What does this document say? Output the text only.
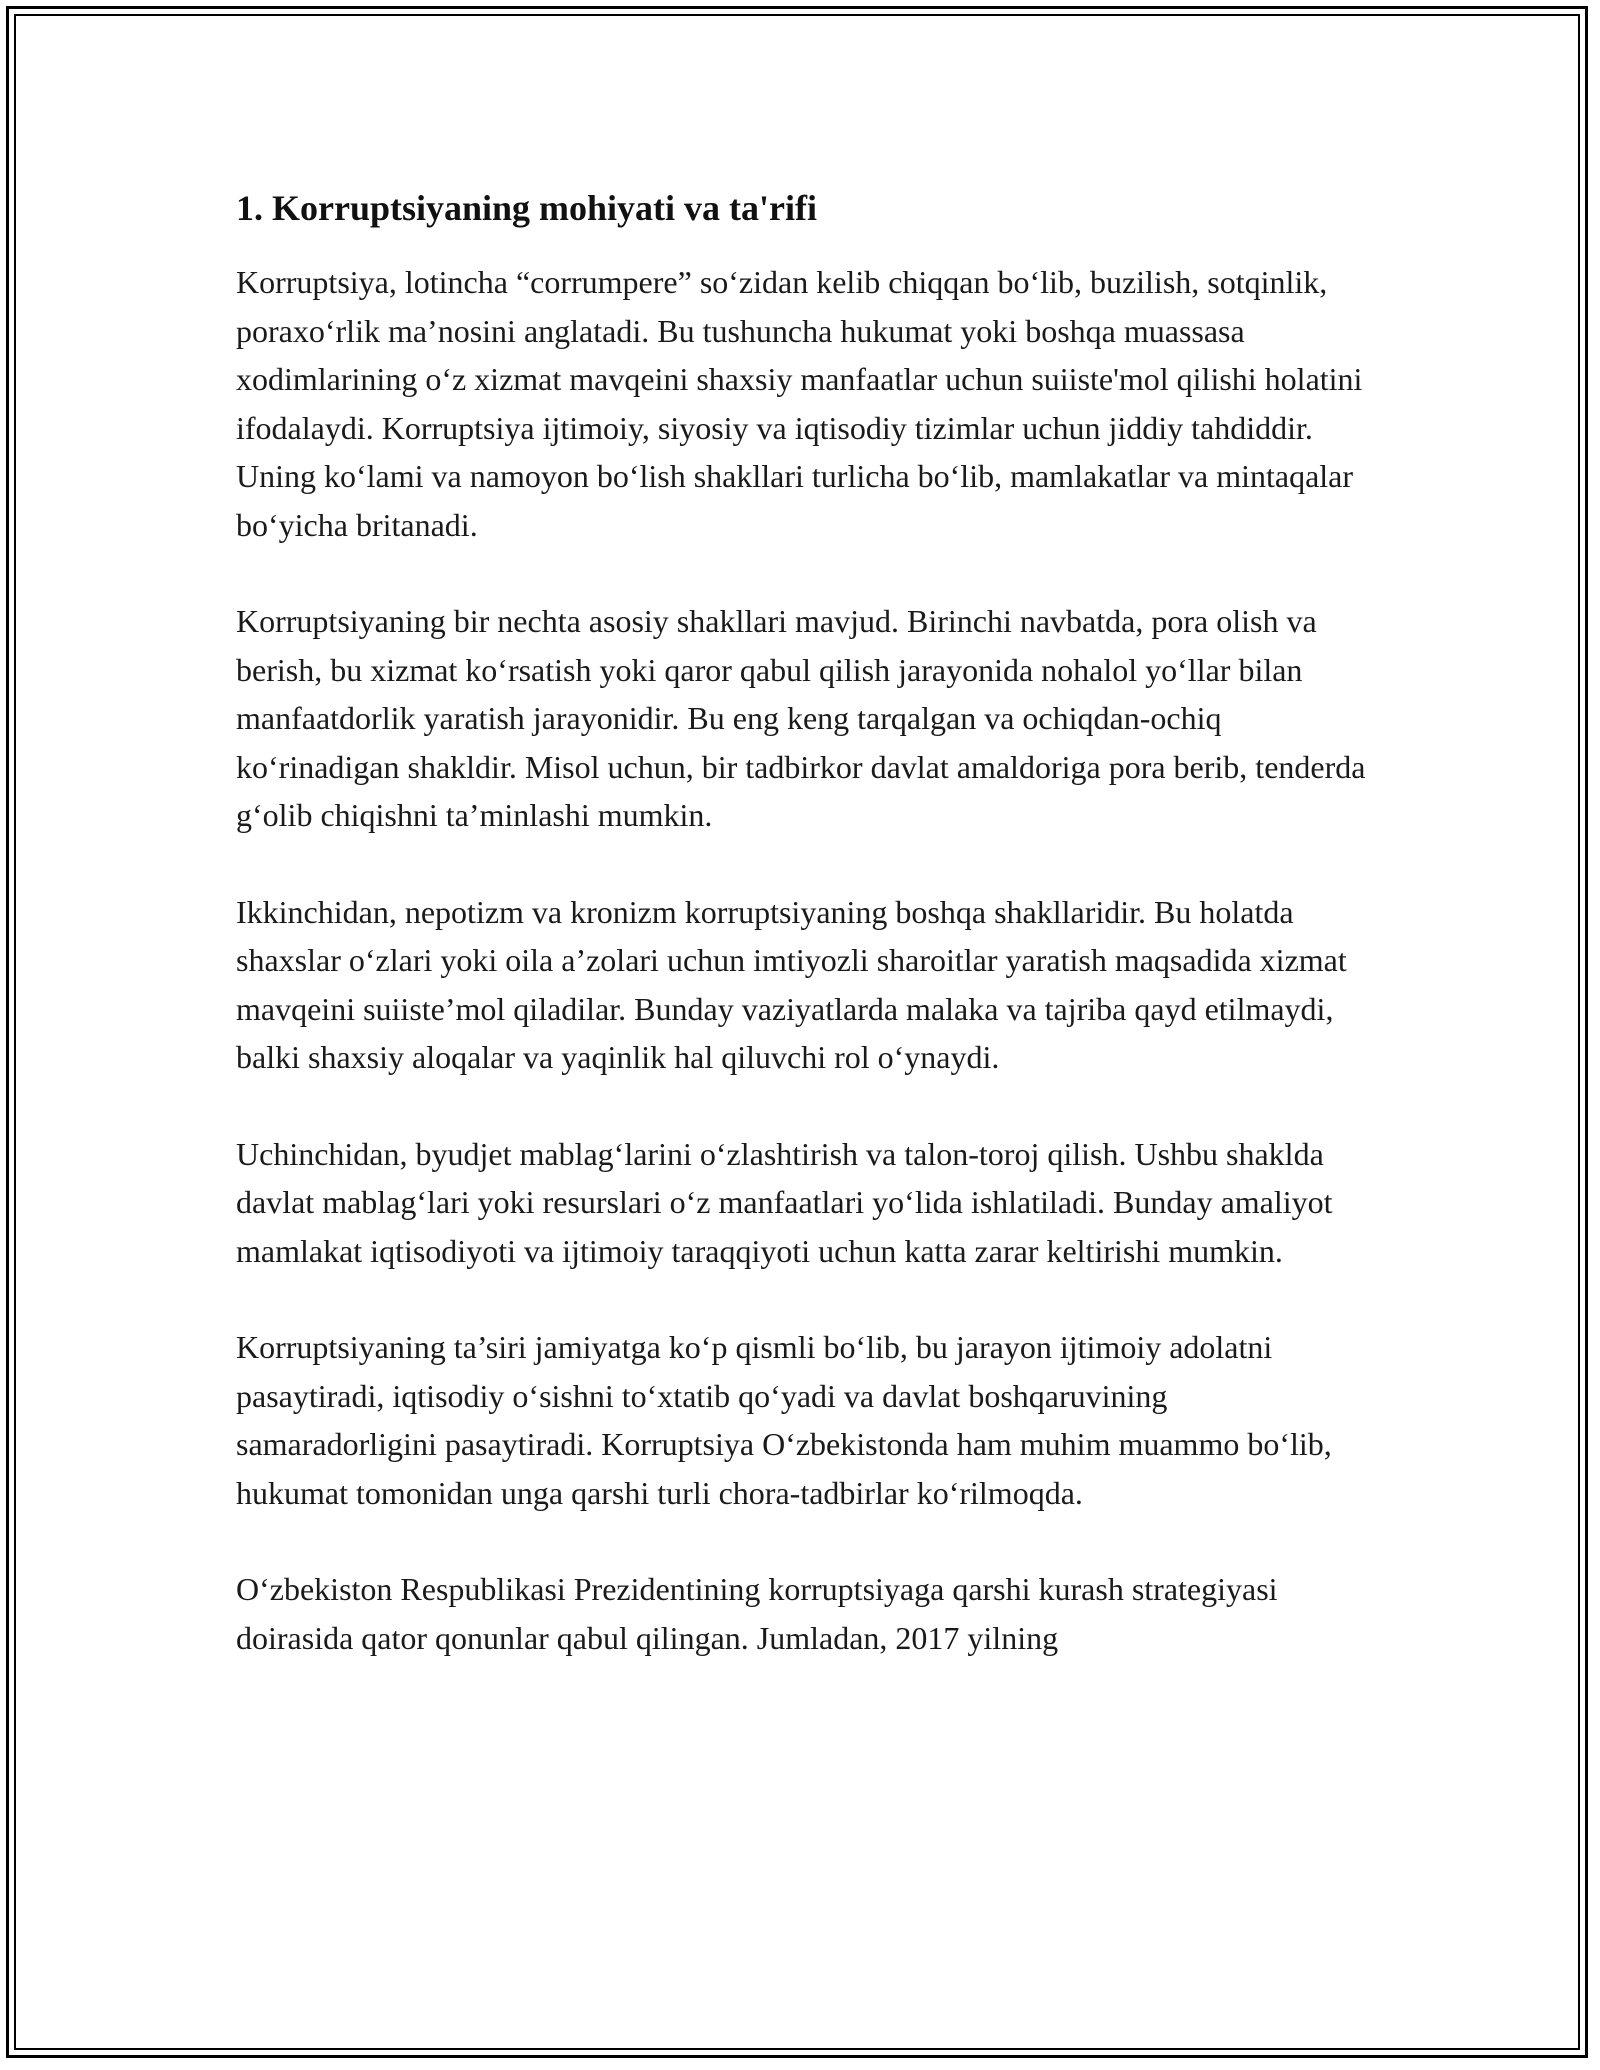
1. Korruptsiyaning mohiyati va ta'rifi

Korruptsiya, lotincha “corrumpere” so‘zidan kelib chiqqan bo‘lib, buzilish, sotqinlik, poraxo‘rlik ma’nosini anglatadi. Bu tushuncha hukumat yoki boshqa muassasa xodimlarining o‘z xizmat mavqeini shaxsiy manfaatlar uchun suiiste'mol qilishi holatini ifodalaydi. Korruptsiya ijtimoiy, siyosiy va iqtisodiy tizimlar uchun jiddiy tahdiddir. Uning ko‘lami va namoyon bo‘lish shakllari turlicha bo‘lib, mamlakatlar va mintaqalar bo‘yicha britanadi.

Korruptsiyaning bir nechta asosiy shakllari mavjud. Birinchi navbatda, pora olish va berish, bu xizmat ko‘rsatish yoki qaror qabul qilish jarayonida nohalol yo‘llar bilan manfaatdorlik yaratish jarayonidir. Bu eng keng tarqalgan va ochiqdan-ochiq ko‘rinadigan shakldir. Misol uchun, bir tadbirkor davlat amaldoriga pora berib, tenderda g‘olib chiqishni ta’minlashi mumkin.

Ikkinchidan, nepotizm va kronizm korruptsiyaning boshqa shakllaridir. Bu holatda shaxslar o‘zlari yoki oila a’zolari uchun imtiyozli sharoitlar yaratish maqsadida xizmat mavqeini suiiste’mol qiladilar. Bunday vaziyatlarda malaka va tajriba qayd etilmaydi, balki shaxsiy aloqalar va yaqinlik hal qiluvchi rol o‘ynaydi.

Uchinchidan, byudjet mablag‘larini o‘zlashtirish va talon-toroj qilish. Ushbu shaklda davlat mablag‘lari yoki resurslari o‘z manfaatlari yo‘lida ishlatiladi. Bunday amaliyot mamlakat iqtisodiyoti va ijtimoiy taraqqiyoti uchun katta zarar keltirishi mumkin.

Korruptsiyaning ta’siri jamiyatga ko‘p qismli bo‘lib, bu jarayon ijtimoiy adolatni pasaytiradi, iqtisodiy o‘sishni to‘xtatib qo‘yadi va davlat boshqaruvining samaradorligini pasaytiradi. Korruptsiya O‘zbekistonda ham muhim muammo bo‘lib, hukumat tomonidan unga qarshi turli chora-tadbirlar ko‘rilmoqda.

O‘zbekiston Respublikasi Prezidentining korruptsiyaga qarshi kurash strategiyasi doirasida qator qonunlar qabul qilingan. Jumladan, 2017 yilning
